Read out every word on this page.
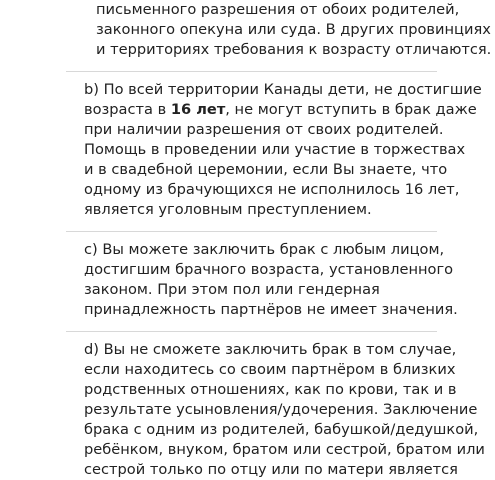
письменного разрешения от обоих родителей,
законного опекуна или суда. В других провинциях
и территориях требования к возрасту отличаются.
b) По всей территории Канады дети, не достигшие
возраста в 16 лет, не могут вступить в брак даже
при наличии разрешения от своих родителей.
Помощь в проведении или участие в торжествах
и в свадебной церемонии, если Вы знаете, что
одному из брачующихся не исполнилось 16 лет,
является уголовным преступлением.
c) Вы можете заключить брак с любым лицом,
достигшим брачного возраста, установленного
законом. При этом пол или гендерная
принадлежность партнёров не имеет значения.
d) Вы не сможете заключить брак в том случае,
если находитесь со своим партнёром в близких
родственных отношениях, как по крови, так и в
результате усыновления/удочерения. Заключение
брака с одним из родителей, бабушкой/дедушкой,
ребёнком, внуком, братом или сестрой, братом или
сестрой только по отцу или по матери является
